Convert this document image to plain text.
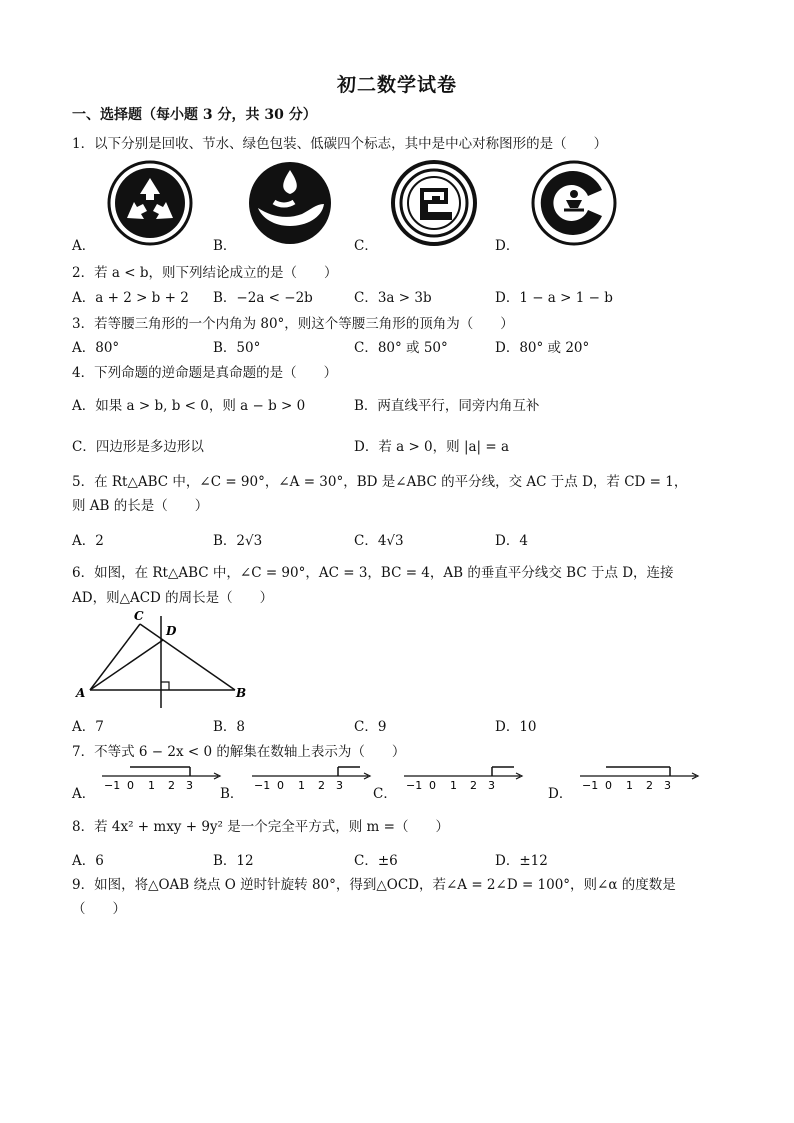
初二数学试卷
一、选择题（每小题 3 分，共 30 分）
1．以下分别是回收、节水、绿色包装、低碳四个标志，其中是中心对称图形的是（　　）
A．	B．	C．	D．
2．若 a < b，则下列结论成立的是（　　）
A．a + 2 > b + 2 B．−2a < −2b	C．3a > 3b	D．1 − a > 1 − b
3．若等腰三角形的一个内角为 80°，则这个等腰三角形的顶角为（　　）
A．80°	B．50°	C．80° 或 50°	D．80° 或 20°
4．下列命题的逆命题是真命题的是（　　）
A．如果 a > b, b < 0，则 a − b > 0	B．两直线平行，同旁内角互补
C．四边形是多边形以	D．若 a > 0，则 |a| = a
5．在 Rt△ABC 中，∠C = 90°，∠A = 30°，BD 是∠ABC 的平分线，交 AC 于点 D，若 CD = 1，
则 AB 的长是（　　）
A．2	B．2√3	C．4√3	D．4
6．如图，在 Rt△ABC 中，∠C = 90°，AC = 3，BC = 4，AB 的垂直平分线交 BC 于点 D，连接
AD，则△ACD 的周长是（　　）
C
D
A	B
A．7	B．8	C．9	D．10
7．不等式 6 − 2x < 0 的解集在数轴上表示为（　　）
A．	B．	C．	D．
−1 0 1 2 3	−1 0 1 2 3	−1 0 1 2 3	−1 0 1 2 3
8．若 4x² + mxy + 9y² 是一个完全平方式，则 m =（　　）
A．6	B．12	C．±6	D．±12
9．如图，将△OAB 绕点 O 逆时针旋转 80°，得到△OCD，若∠A = 2∠D = 100°，则∠α 的度数是
（　　）
